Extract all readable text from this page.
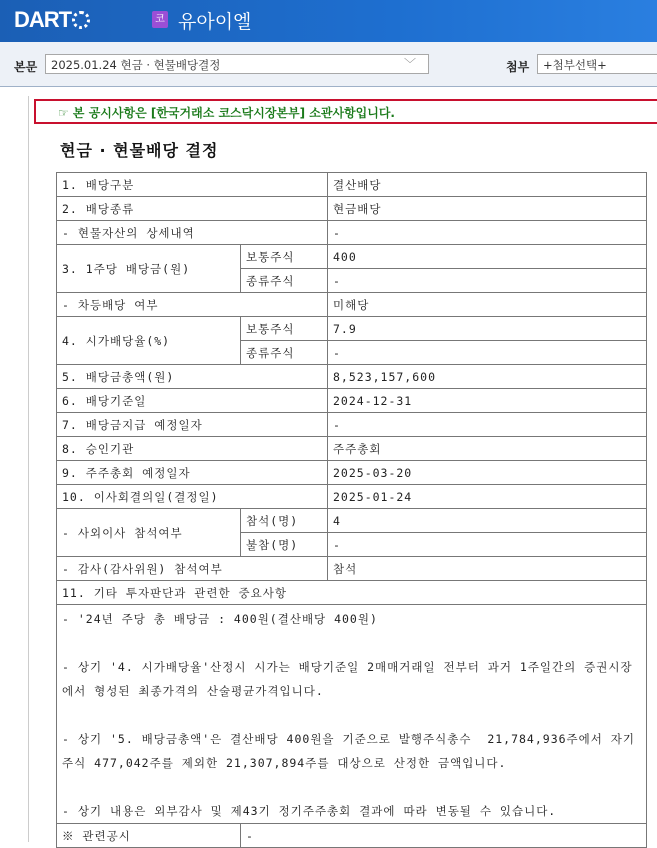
DART	코 유아이엘
본문	2025.01.24 현금 · 현물배당결정	﹀	첨부	+첨부선택+
☞ 본 공시사항은 [한국거래소 코스닥시장본부] 소관사항입니다.
현금 · 현물배당 결정
1. 배당구분		결산배당
2. 배당종류		현금배당
- 현물자산의 상세내역		-
3. 1주당 배당금(원)	보통주식	400
	종류주식	-
- 차등배당 여부		미해당
4. 시가배당율(%)	보통주식	7.9
	종류주식	-
5. 배당금총액(원)		8,523,157,600
6. 배당기준일		2024-12-31
7. 배당금지급 예정일자		-
8. 승인기관		주주총회
9. 주주총회 예정일자		2025-03-20
10. 이사회결의일(결정일)		2025-01-24
- 사외이사 참석여부	참석(명)	4
	불참(명)	-
- 감사(감사위원) 참석여부		참석
11. 기타 투자판단과 관련한 중요사항		
- '24년 주당 총 배당금 : 400원(결산배당 400원)

- 상기 '4. 시가배당율'산정시 시가는 배당기준일 2매매거래일 전부터 과거 1주일간의 증권시장에서 형성된 최종가격의 산술평균가격입니다.

- 상기 '5. 배당금총액'은 결산배당 400원을 기준으로 발행주식총수  21,784,936주에서 자기주식 477,042주를 제외한 21,307,894주를 대상으로 산정한 금액입니다.

- 상기 내용은 외부감사 및 제43기 정기주주총회 결과에 따라 변동될 수 있습니다.		
※ 관련공시	-	
